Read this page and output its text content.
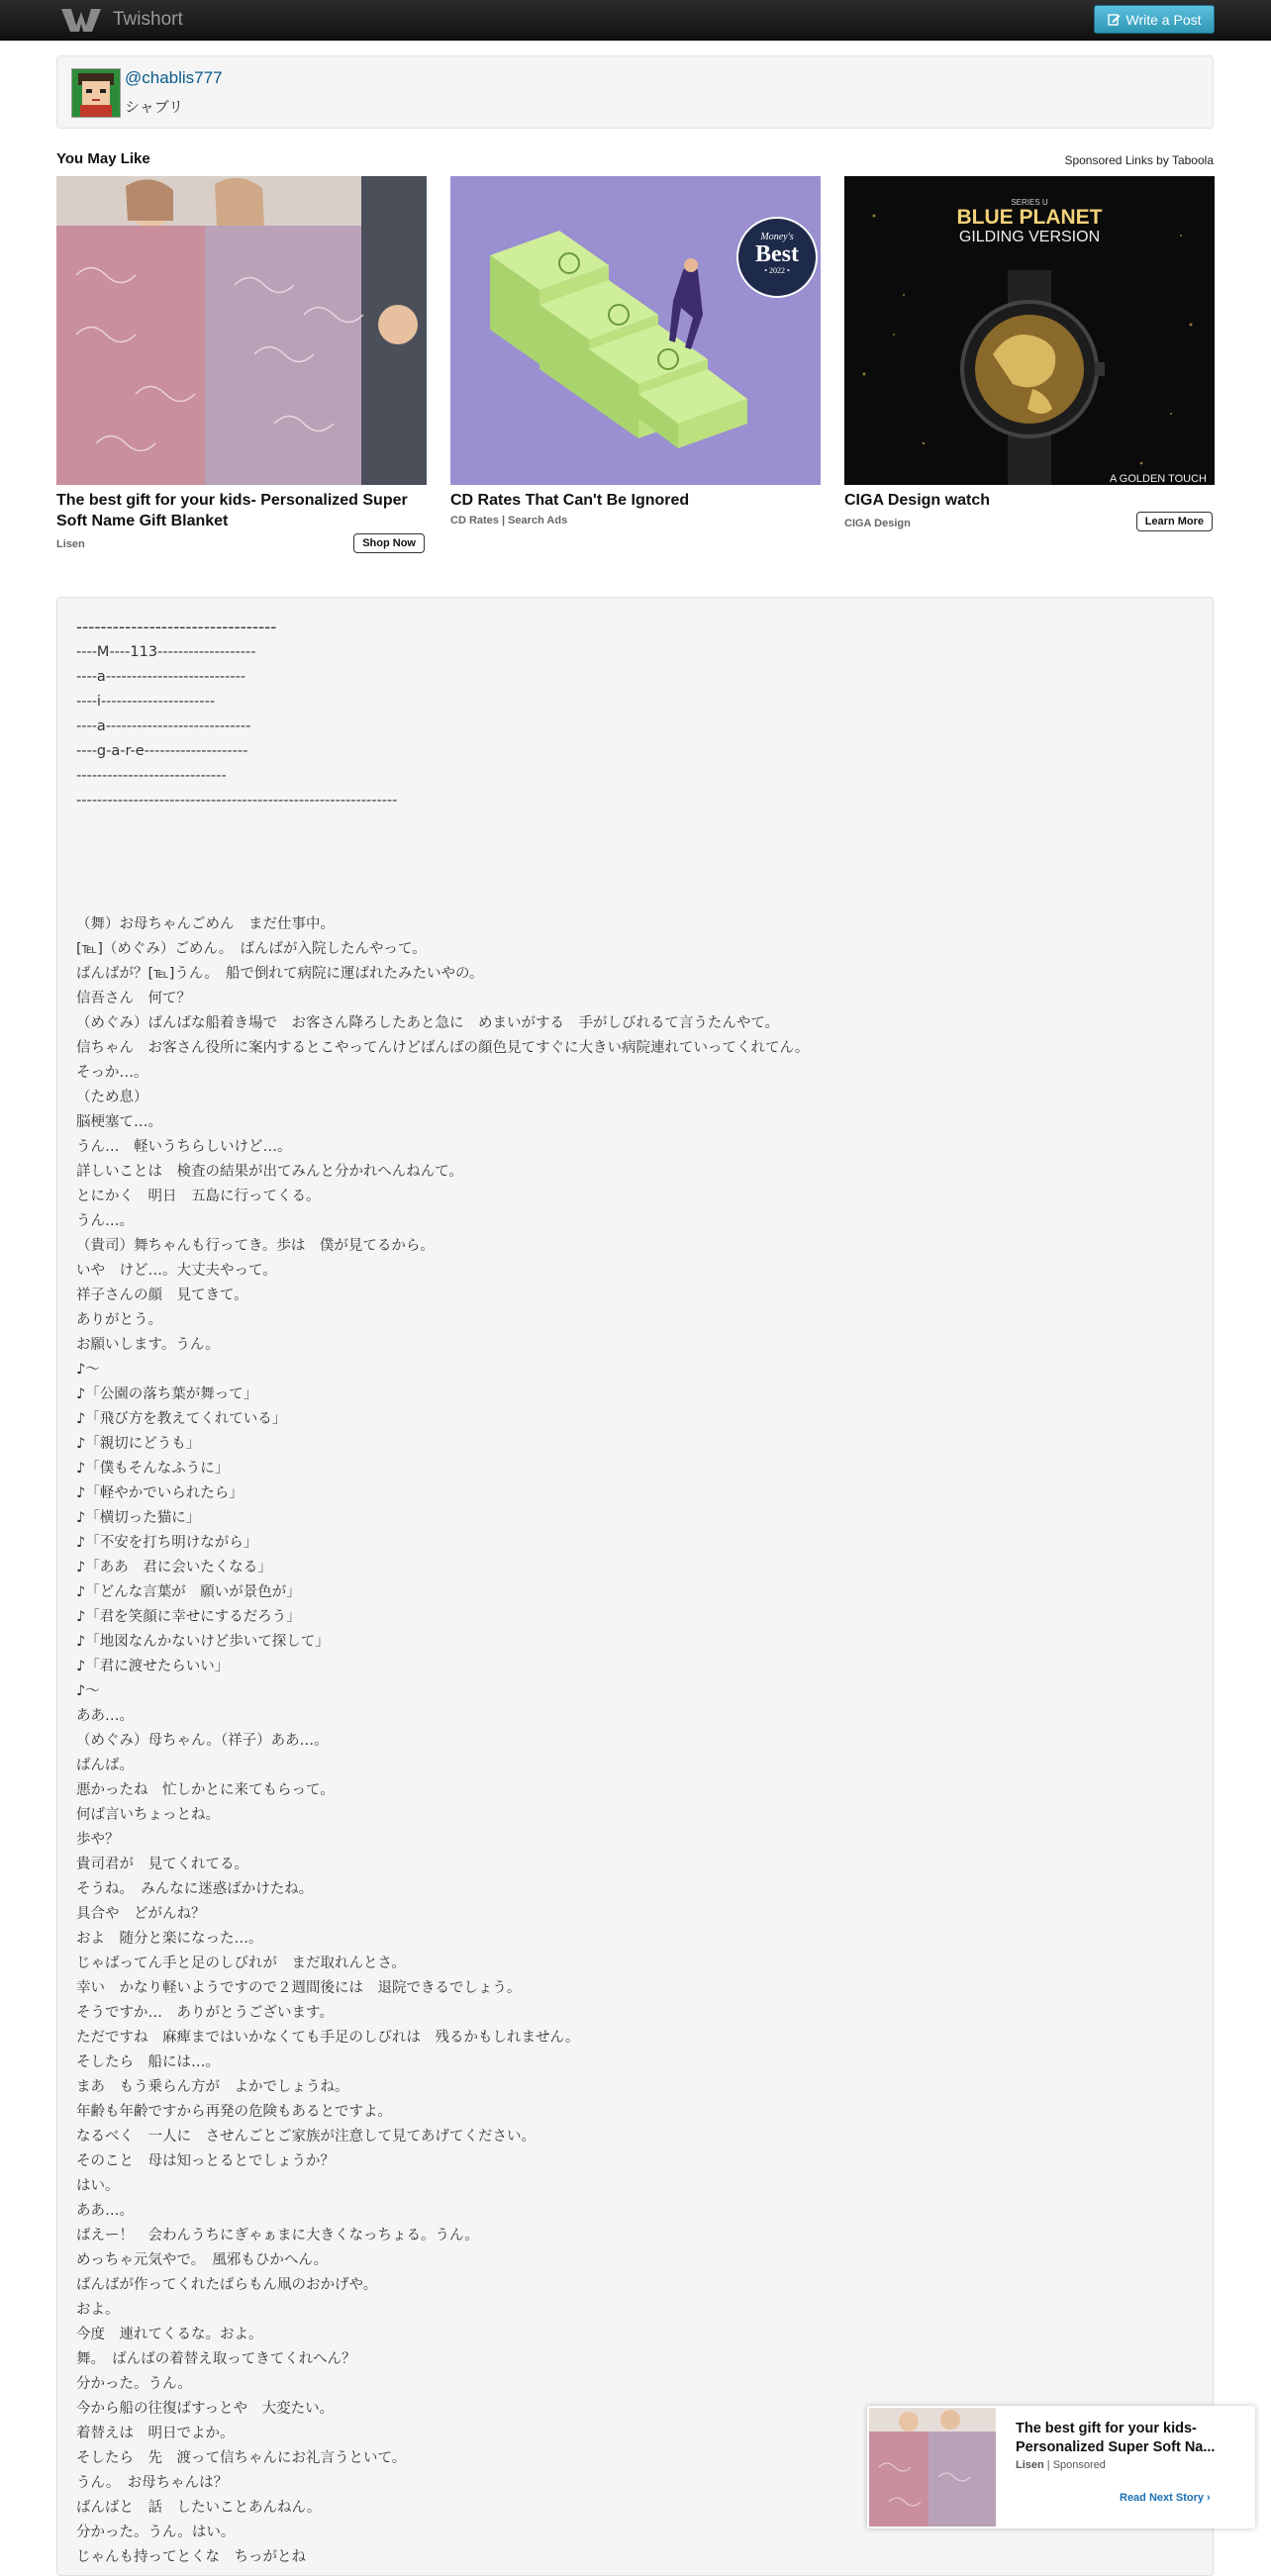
Twishort	Write a Post
@chablis777
シャブリ
You May Like	Sponsored Links by Taboola
The best gift for your kids- Personalized Super Soft Name Gift Blanket
Lisen	Shop Now
Money's
Best
• 2022 •
CD Rates That Can't Be Ignored
CD Rates | Search Ads
SERIES U
BLUE PLANET
GILDING VERSION
A GOLDEN TOUCH
CIGA Design watch
CIGA Design	Learn More
---------------------------------
----M----113-------------------
----a---------------------------
----i----------------------
----a----------------------------
----g-a-r-e--------------------
-----------------------------
--------------------------------------------------------------
（舞）お母ちゃんごめん　まだ仕事中。
[℡]（めぐみ）ごめん。　ばんばが入院したんやって。
ばんばが？[℡]うん。　船で倒れて病院に運ばれたみたいやの。
信吾さん　何て？
（めぐみ）ばんばな船着き場で　お客さん降ろしたあと急に　めまいがする　手がしびれるて言うたんやて。
信ちゃん　お客さん役所に案内するとこやってんけどばんばの顔色見てすぐに大きい病院連れていってくれてん。
そっか…。
（ため息）
脳梗塞て…。
うん…　軽いうちらしいけど…。
詳しいことは　検査の結果が出てみんと分かれへんねんて。
とにかく　明日　五島に行ってくる。
うん…。
（貴司）舞ちゃんも行ってき。歩は　僕が見てるから。
いや　けど…。大丈夫やって。
祥子さんの顔　見てきて。
ありがとう。
お願いします。うん。
♪～
♪「公園の落ち葉が舞って」
♪「飛び方を教えてくれている」
♪「親切にどうも」
♪「僕もそんなふうに」
♪「軽やかでいられたら」
♪「横切った猫に」
♪「不安を打ち明けながら」
♪「ああ　君に会いたくなる」
♪「どんな言葉が　願いが景色が」
♪「君を笑顔に幸せにするだろう」
♪「地図なんかないけど歩いて探して」
♪「君に渡せたらいい」
♪～
ああ…。
（めぐみ）母ちゃん。（祥子）ああ…。
ばんば。
悪かったね　忙しかとに来てもらって。
何ば言いちょっとね。
歩や？
貴司君が　見てくれてる。
そうね。　みんなに迷惑ばかけたね。
具合や　どがんね？
およ　随分と楽になった…。
じゃばってん手と足のしびれが　まだ取れんとさ。
幸い　かなり軽いようですので２週間後には　退院できるでしょう。
そうですか…　ありがとうございます。
ただですね　麻痺まではいかなくても手足のしびれは　残るかもしれません。
そしたら　船には…。
まあ　もう乗らん方が　よかでしょうね。
年齢も年齢ですから再発の危険もあるとですよ。
なるべく　一人に　させんごとご家族が注意して見てあげてください。
そのこと　母は知っとるとでしょうか？
はい。
ああ…。
ばえー！　会わんうちにぎゃぁまに大きくなっちょる。うん。
めっちゃ元気やで。　風邪もひかへん。
ばんばが作ってくれたばらもん凧のおかげや。
およ。
今度　連れてくるな。およ。
舞。　ばんばの着替え取ってきてくれへん？
分かった。うん。
今から船の往復ばすっとや　大変たい。
着替えは　明日でよか。
そしたら　先　渡って信ちゃんにお礼言うといて。
うん。　お母ちゃんは？
ばんばと　話　したいことあんねん。
分かった。うん。はい。
じゃんも持ってとくな　ちっがとね
The best gift for your kids- Personalized Super Soft Na...
Lisen | Sponsored
Read Next Story ›
